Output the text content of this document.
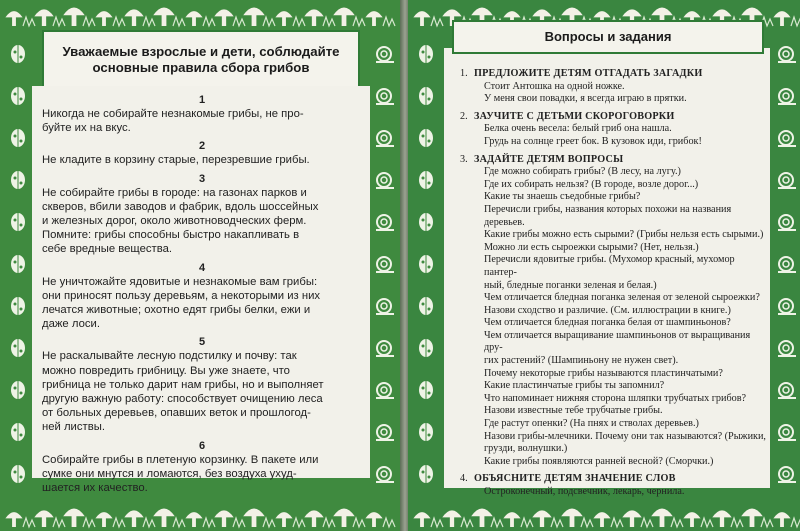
Уважаемые взрослые и дети, соблюдайте
основные правила сбора грибов
1
Никогда не собирайте незнакомые грибы, не про-
буйте их на вкус.
2
Не кладите в корзину старые, перезревшие грибы.
3
Не собирайте грибы в городе: на газонах парков и
скверов, вбили заводов и фабрик, вдоль шоссейных
и железных дорог, около животноводческих ферм.
Помните: грибы способны быстро накапливать в
себе вредные вещества.
4
Не уничтожайте ядовитые и незнакомые вам грибы:
они приносят пользу деревьям, а некоторыми из них
лечатся животные; охотно едят грибы белки, ежи и
даже лоси.
5
Не раскалывайте лесную подстилку и почву: так
можно повредить грибницу. Вы уже знаете, что
грибница не только дарит нам грибы, но и выполняет
другую важную работу: способствует очищению леса
от больных деревьев, опавших веток и прошлогод-
ней листвы.
6
Собирайте грибы в плетеную корзинку. В пакете или
сумке они мнутся и ломаются, без воздуха ухуд-
шается их качество.
Вопросы и задания
1. ПРЕДЛОЖИТЕ ДЕТЯМ ОТГАДАТЬ ЗАГАДКИ
Стоит Антошка на одной ножке.
У меня свои повадки, я всегда играю в прятки.
2. ЗАУЧИТЕ С ДЕТЬМИ СКОРОГОВОРКИ
Белка очень весела: белый гриб она нашла.
Грудь на солнце греет бок. В кузовок иди, грибок!
3. ЗАДАЙТЕ ДЕТЯМ ВОПРОСЫ
Где можно собирать грибы? (В лесу, на лугу.)
Где их собирать нельзя? (В городе, возле дорог...)
Какие ты знаешь съедобные грибы?
Перечисли грибы, названия которых похожи на названия деревьев.
Какие грибы можно есть сырыми? (Грибы нельзя есть сырыми.)
Можно ли есть сыроежки сырыми? (Нет, нельзя.)
Перечисли ядовитые грибы. (Мухомор красный, мухомор пантер-
ный, бледные поганки зеленая и белая.)
Чем отличается бледная поганка зеленая от зеленой сыроежки?
Назови сходство и различие. (См. иллюстрации в книге.)
Чем отличается бледная поганка белая от шампиньонов?
Чем отличается выращивание шампиньонов от выращивания дру-
гих растений? (Шампиньону не нужен свет).
Почему некоторые грибы называются пластинчатыми?
Какие пластинчатые грибы ты запомнил?
Что напоминает нижняя сторона шляпки трубчатых грибов?
Назови известные тебе трубчатые грибы.
Где растут опенки? (На пнях и стволах деревьев.)
Назови грибы-млечники. Почему они так называются? (Рыжики,
грузди, волнушки.)
Какие грибы появляются ранней весной? (Сморчки.)
4. ОБЪЯСНИТЕ ДЕТЯМ ЗНАЧЕНИЕ СЛОВ
Остроконечный, подсвечник, лекарь, чернила.
